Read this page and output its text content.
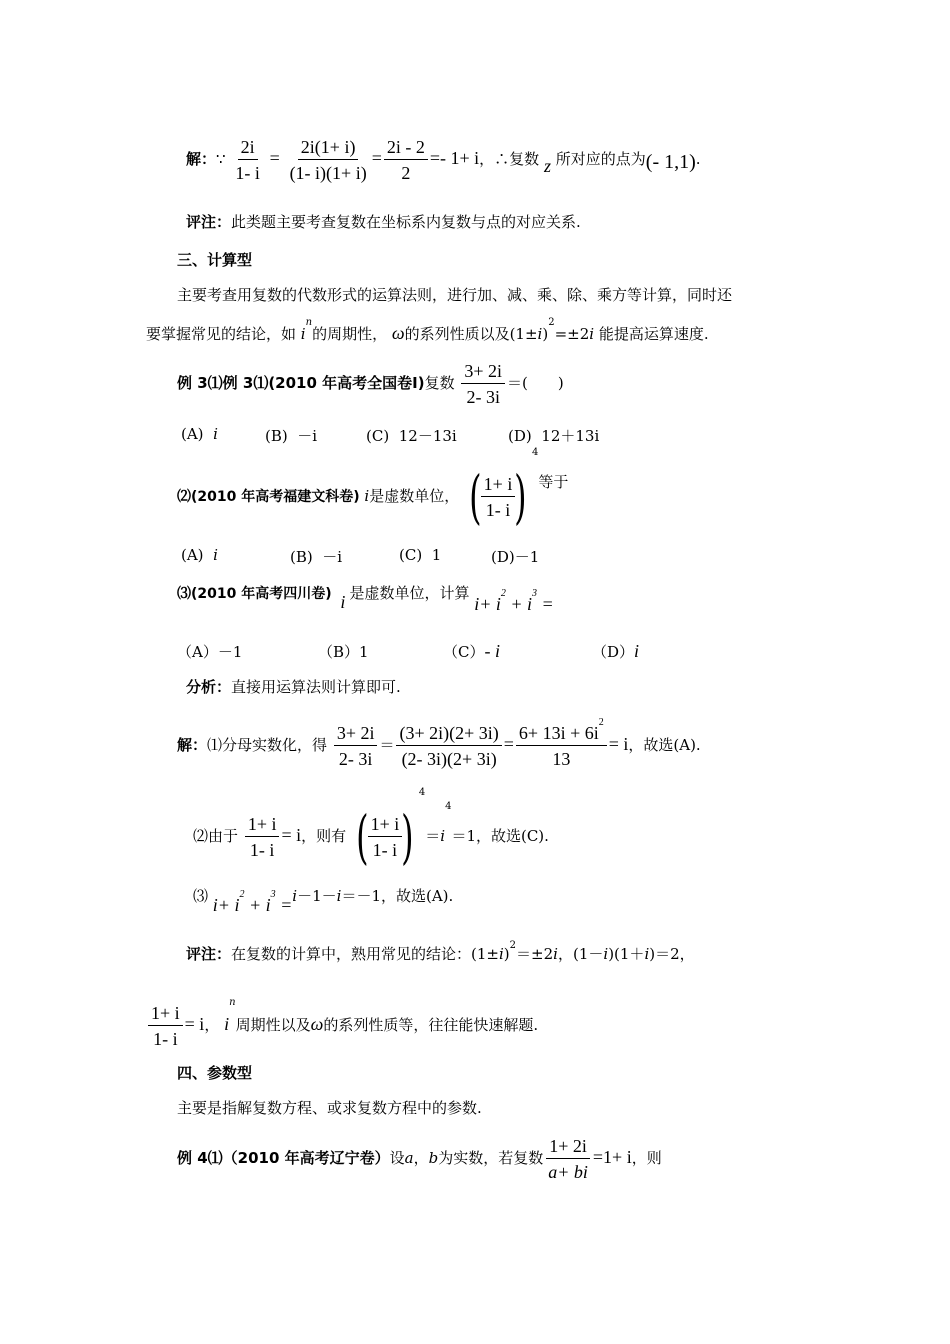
解：∵ $\frac{2i}{1- i} = \frac{2i(1+ i)}{(1- i)(1+ i)} = \frac{2i - 2}{2} =- 1+ i$，∴复数 z 所对应的点为(- 1,1).
评注：此类题主要考查复数在坐标系内复数与点的对应关系.
三、计算型
主要考查用复数的代数形式的运算法则，进行加、减、乘、除、乘方等计算，同时还
要掌握常见的结论，如 $i^n$的周期性， ω的系列性质以及$(1\pm i)^2=\pm 2i$ 能提高运算速度.
例 3⑴例 3⑴(2010 年高考全国卷Ⅰ)复数 $\frac{3+ 2i}{2- 3i}$ ＝(　　)
(A) i	(B) －i	(C) 12－13i	(D) 12＋13i
⑵(2010 年高考福建文科卷) i是虚数单位， ( $\frac{1+ i}{1- i} )^4$等于
(A) i	(B) －i	(C) 1	(D)－1
⑶(2010 年高考四川卷) i 是虚数单位，计算 $i+ i^2 + i^3$ =
（A）－1	（B）1	（C）- i	（D）i
分析：直接用运算法则计算即可.
解：⑴分母实数化，得 $\frac{3+ 2i}{2- 3i} = \frac{(3+ 2i)(2+ 3i)}{(2- 3i)(2+ 3i)} = \frac{6+ 13i + 6i^2}{13} = i$，故选(A).
⑵由于 $\frac{1+ i}{1- i} = i$，则有 ( $\frac{1+ i}{1- i} )^4=i^4=1$，故选(C).
⑶ $i+ i^2 + i^3 =i-1-i=-1$，故选(A).
评注：在复数的计算中，熟用常见的结论：$(1\pm i)^2=\pm 2i$，(1－i)(1＋i)＝2，
$\frac{1+ i}{1- i} = i$， $i^n$周期性以及ω的系列性质等，往往能快速解题.
四、参数型
主要是指解复数方程、或求复数方程中的参数.
例 4⑴（2010 年高考辽宁卷）设a，b为实数，若复数 $\frac{1+ 2i}{a+ bi} =1+ i$，则
